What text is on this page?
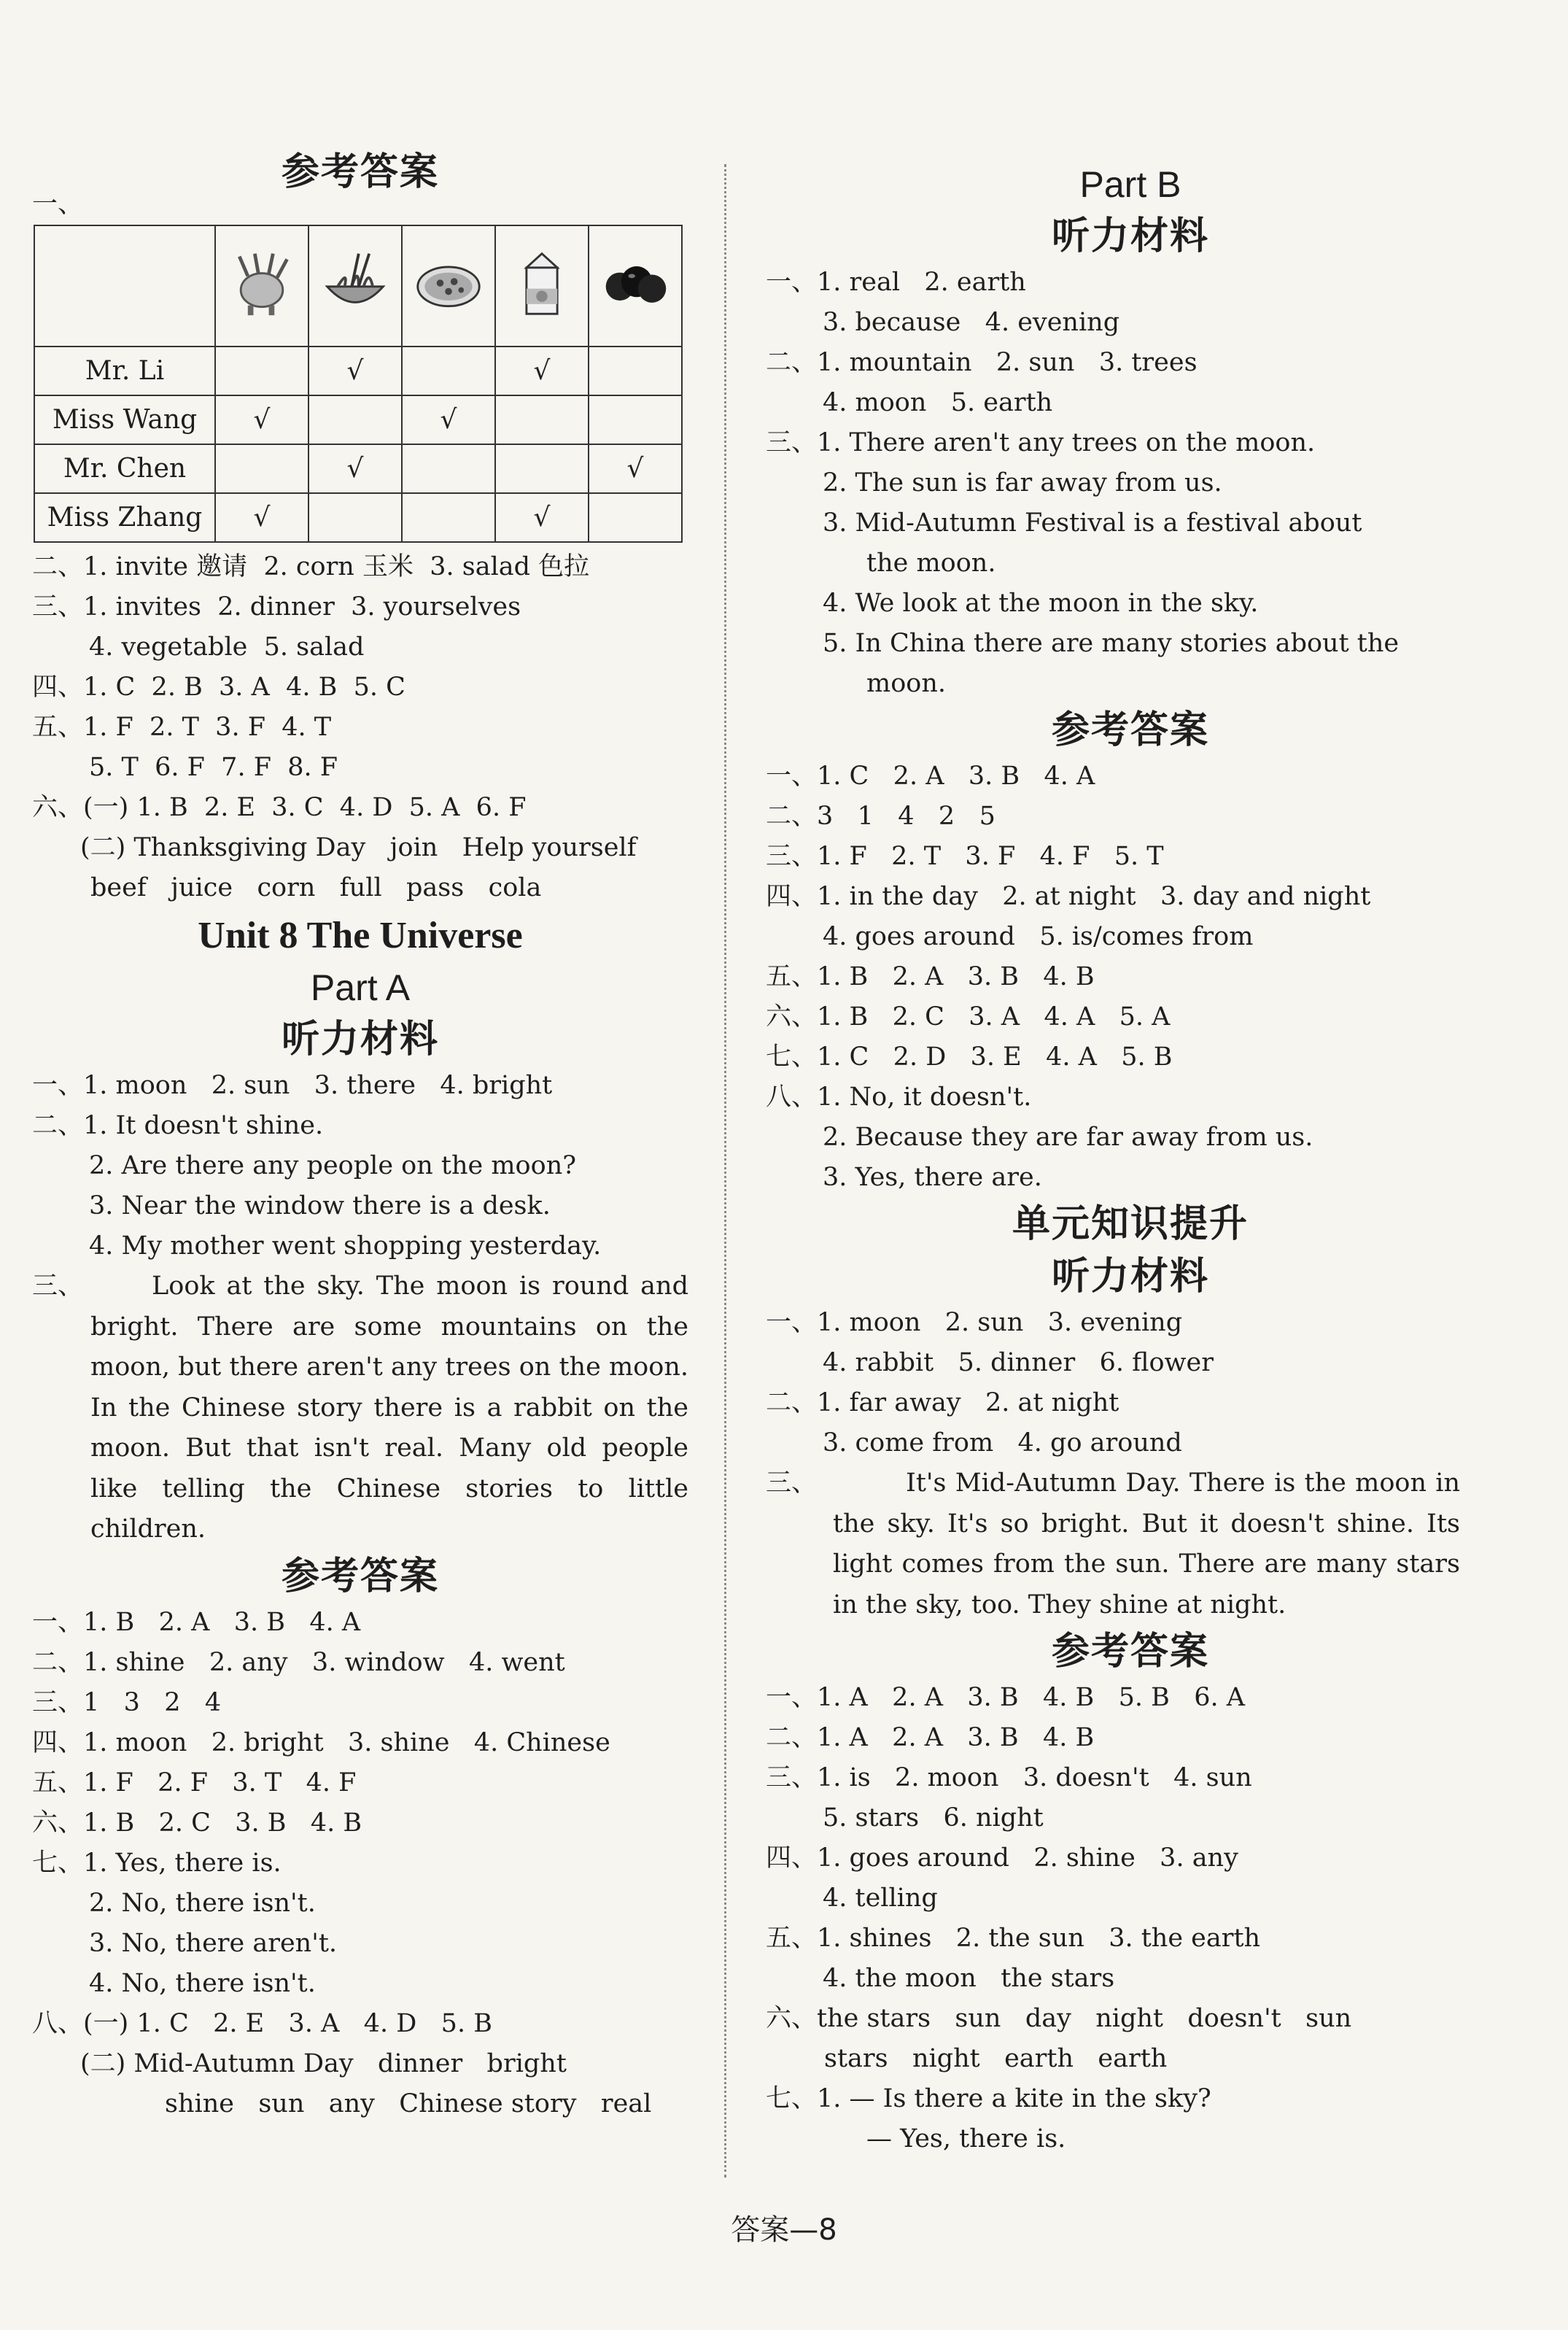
参考答案
一、

Mr. Li		√		√	
Miss Wang	√		√		
Mr. Chen		√			√
Miss Zhang	√			√	
二、1. invite 邀请  2. corn 玉米  3. salad 色拉
三、1. invites  2. dinner  3. yourselves
4. vegetable  5. salad
四、1. C  2. B  3. A  4. B  5. C
五、1. F  2. T  3. F  4. T
5. T  6. F  7. F  8. F
六、(一) 1. B  2. E  3. C  4. D  5. A  6. F
(二) Thanksgiving Day   join   Help yourself
beef   juice   corn   full   pass   cola
Unit 8 The Universe
Part A
听力材料
一、1. moon   2. sun   3. there   4. bright
二、1. It doesn't shine.
2. Are there any people on the moon?
3. Near the window there is a desk.
4. My mother went shopping yesterday.
三、	Look at the sky. The moon is round and bright. There are some mountains on the moon, but there aren't any trees on the moon. In the Chinese story there is a rabbit on the moon. But that isn't real. Many old people like telling the Chinese stories to little children.
参考答案
一、1. B   2. A   3. B   4. A
二、1. shine   2. any   3. window   4. went
三、1   3   2   4
四、1. moon   2. bright   3. shine   4. Chinese
五、1. F   2. F   3. T   4. F
六、1. B   2. C   3. B   4. B
七、1. Yes, there is.
2. No, there isn't.
3. No, there aren't.
4. No, there isn't.
八、(一) 1. C   2. E   3. A   4. D   5. B
(二) Mid-Autumn Day   dinner   bright
shine   sun   any   Chinese story   real
Part B
听力材料
一、1. real   2. earth
3. because   4. evening
二、1. mountain   2. sun   3. trees
4. moon   5. earth
三、1. There aren't any trees on the moon.
2. The sun is far away from us.
3. Mid-Autumn Festival is a festival about
the moon.
4. We look at the moon in the sky.
5. In China there are many stories about the
moon.
参考答案
一、1. C   2. A   3. B   4. A
二、3   1   4   2   5
三、1. F   2. T   3. F   4. F   5. T
四、1. in the day   2. at night   3. day and night
4. goes around   5. is/comes from
五、1. B   2. A   3. B   4. B
六、1. B   2. C   3. A   4. A   5. A
七、1. C   2. D   3. E   4. A   5. B
八、1. No, it doesn't.
2. Because they are far away from us.
3. Yes, there are.
单元知识提升
听力材料
一、1. moon   2. sun   3. evening
4. rabbit   5. dinner   6. flower
二、1. far away   2. at night
3. come from   4. go around
三、	It's Mid-Autumn Day. There is the moon in the sky. It's so bright. But it doesn't shine. Its light comes from the sun. There are many stars in the sky, too. They shine at night.
参考答案
一、1. A   2. A   3. B   4. B   5. B   6. A
二、1. A   2. A   3. B   4. B
三、1. is   2. moon   3. doesn't   4. sun
5. stars   6. night
四、1. goes around   2. shine   3. any
4. telling
五、1. shines   2. the sun   3. the earth
4. the moon   the stars
六、the stars   sun   day   night   doesn't   sun
stars   night   earth   earth
七、1. — Is there a kite in the sky?
— Yes, there is.
答案—8
